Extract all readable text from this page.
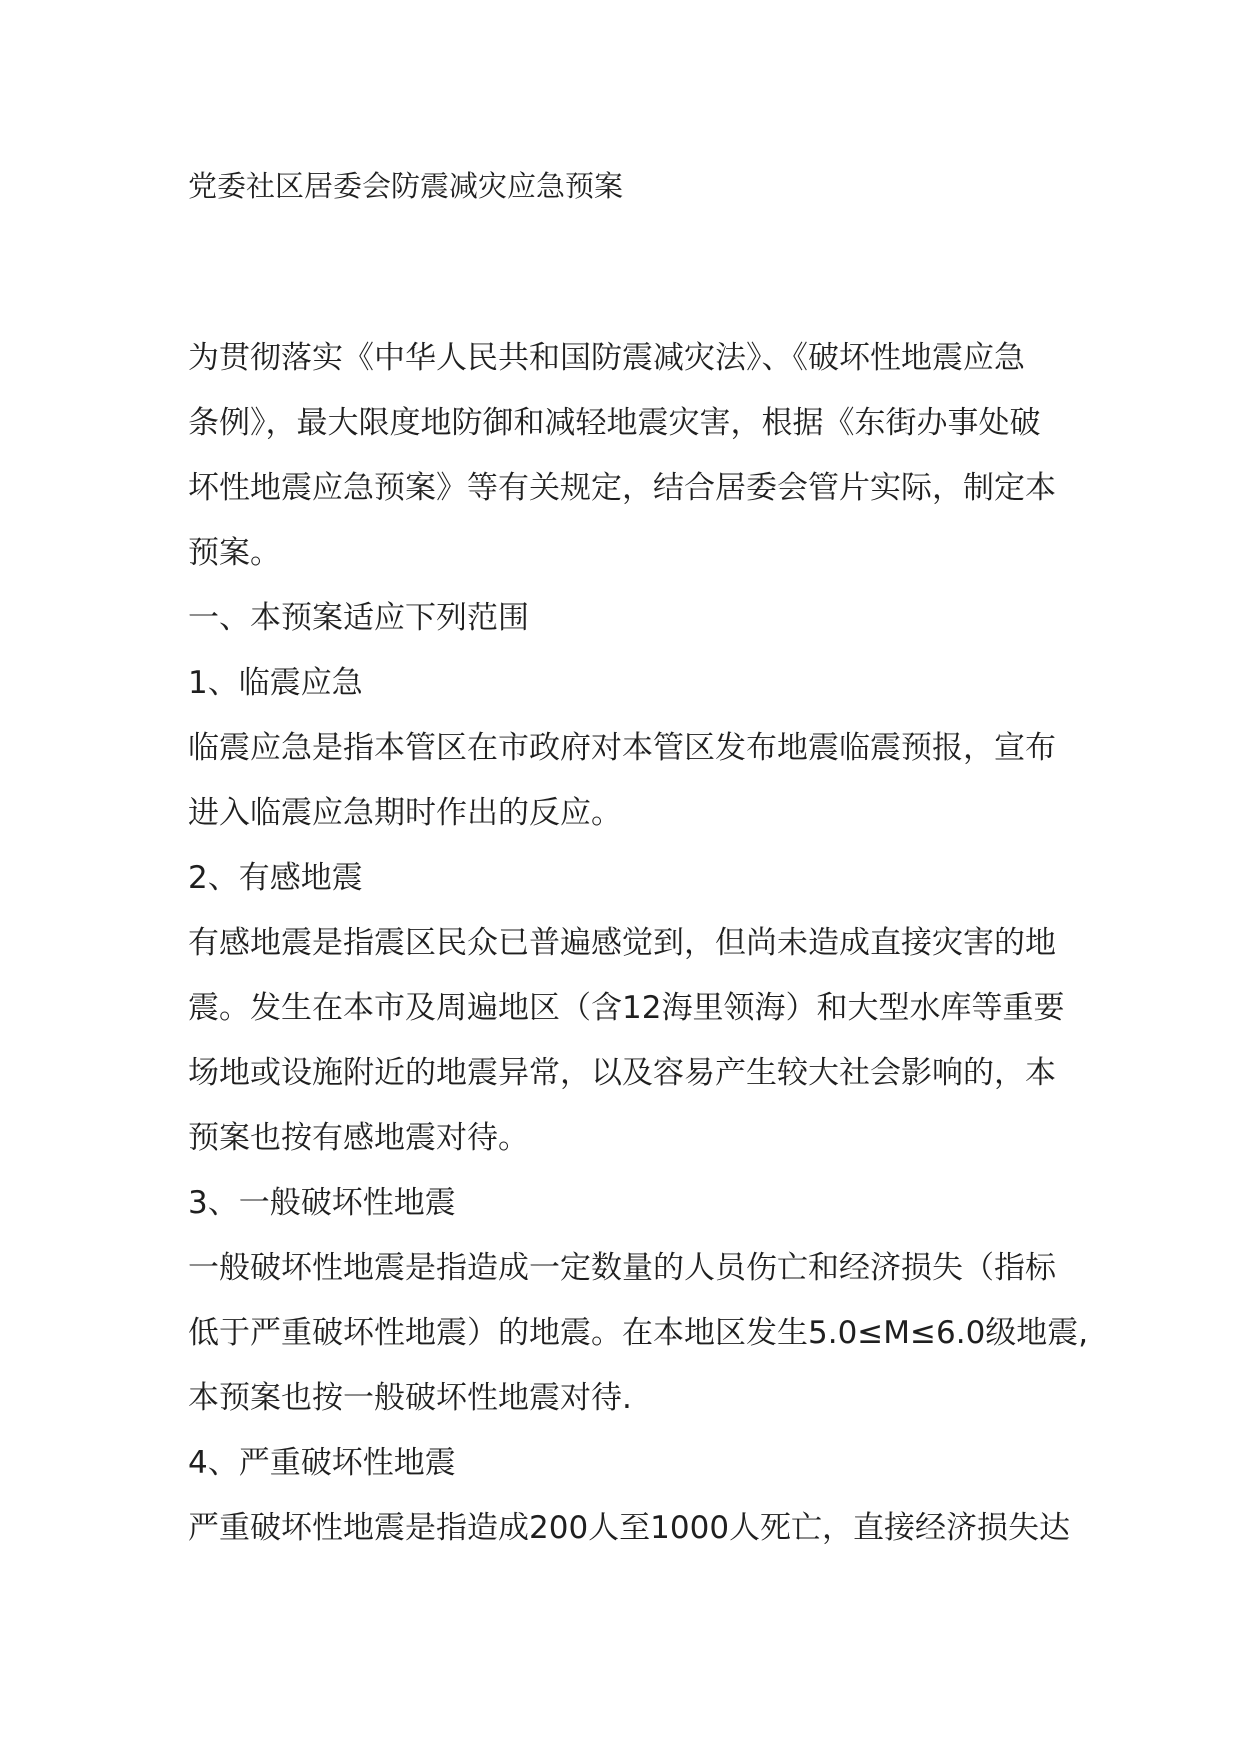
党委社区居委会防震减灾应急预案
为贯彻落实《中华人民共和国防震减灾法》、《破坏性地震应急
条例》，最大限度地防御和减轻地震灾害，根据《东街办事处破
坏性地震应急预案》等有关规定，结合居委会管片实际，制定本
预案。
一、本预案适应下列范围
1、临震应急
临震应急是指本管区在市政府对本管区发布地震临震预报，宣布
进入临震应急期时作出的反应。
2、有感地震
有感地震是指震区民众已普遍感觉到，但尚未造成直接灾害的地
震。发生在本市及周遍地区（含12海里领海）和大型水库等重要
场地或设施附近的地震异常，以及容易产生较大社会影响的，本
预案也按有感地震对待。
3、一般破坏性地震
一般破坏性地震是指造成一定数量的人员伤亡和经济损失（指标
低于严重破坏性地震）的地震。在本地区发生5.0≤M≤6.0级地震,
本预案也按一般破坏性地震对待.
4、严重破坏性地震
严重破坏性地震是指造成200人至1000人死亡，直接经济损失达
